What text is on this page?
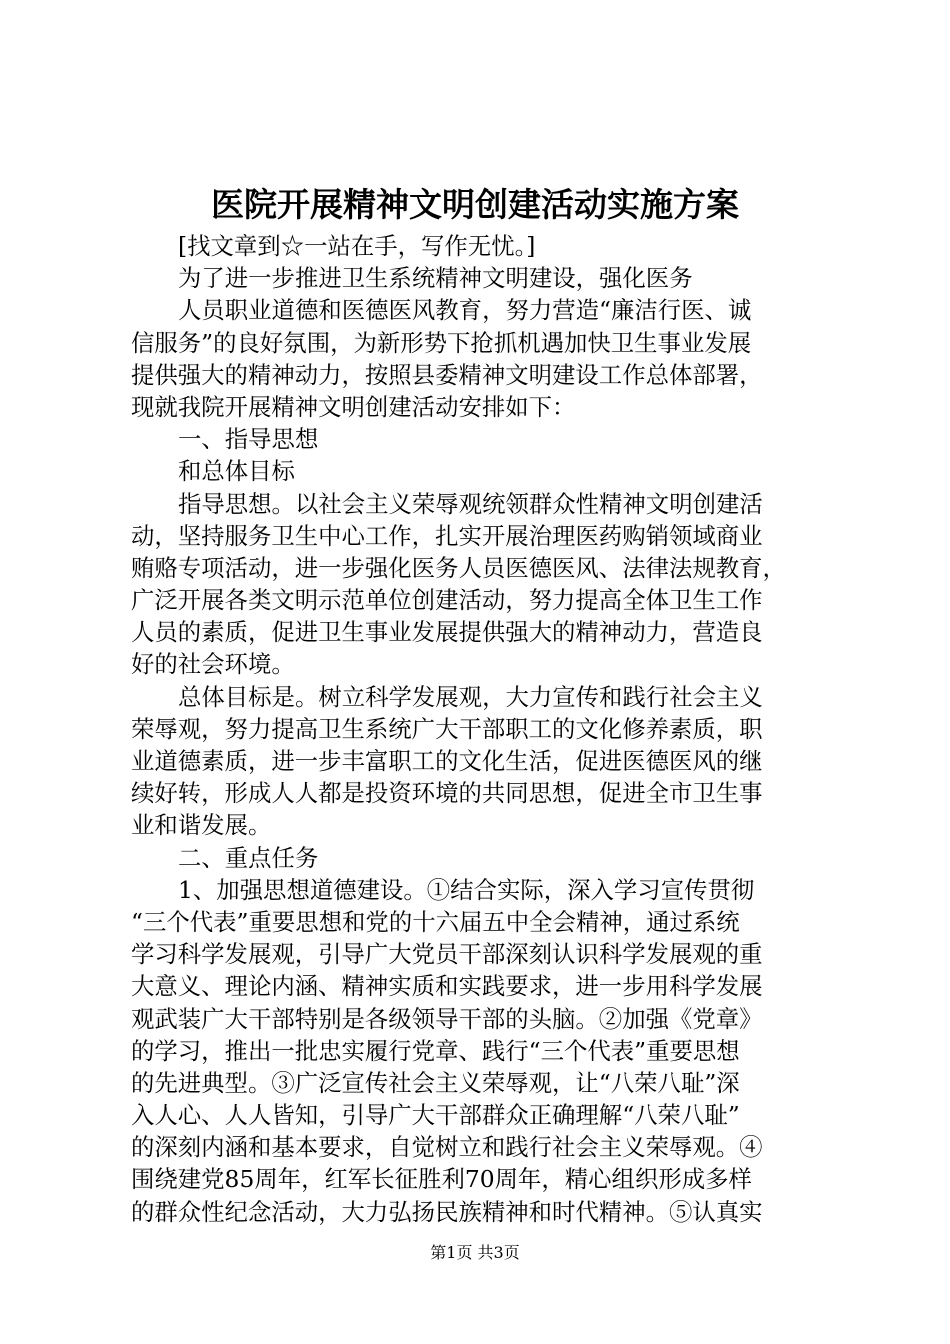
医院开展精神文明创建活动实施方案
[找文章到☆一站在手，写作无忧。]
为了进一步推进卫生系统精神文明建设，强化医务
人员职业道德和医德医风教育，努力营造“廉洁行医、诚
信服务”的良好氛围，为新形势下抢抓机遇加快卫生事业发展
提供强大的精神动力，按照县委精神文明建设工作总体部署，
现就我院开展精神文明创建活动安排如下：
一、指导思想
和总体目标
指导思想。以社会主义荣辱观统领群众性精神文明创建活
动，坚持服务卫生中心工作，扎实开展治理医药购销领域商业
贿赂专项活动，进一步强化医务人员医德医风、法律法规教育，
广泛开展各类文明示范单位创建活动，努力提高全体卫生工作
人员的素质，促进卫生事业发展提供强大的精神动力，营造良
好的社会环境。
总体目标是。树立科学发展观，大力宣传和践行社会主义
荣辱观，努力提高卫生系统广大干部职工的文化修养素质，职
业道德素质，进一步丰富职工的文化生活，促进医德医风的继
续好转，形成人人都是投资环境的共同思想，促进全市卫生事
业和谐发展。
二、重点任务
1、加强思想道德建设。①结合实际，深入学习宣传贯彻
“三个代表”重要思想和党的十六届五中全会精神，通过系统
学习科学发展观，引导广大党员干部深刻认识科学发展观的重
大意义、理论内涵、精神实质和实践要求，进一步用科学发展
观武装广大干部特别是各级领导干部的头脑。②加强《党章》
的学习，推出一批忠实履行党章、践行“三个代表”重要思想
的先进典型。③广泛宣传社会主义荣辱观，让“八荣八耻”深
入人心、人人皆知，引导广大干部群众正确理解“八荣八耻”
的深刻内涵和基本要求，自觉树立和践行社会主义荣辱观。④
围绕建党85周年，红军长征胜利70周年，精心组织形成多样
的群众性纪念活动，大力弘扬民族精神和时代精神。⑤认真实
第1页 共3页
